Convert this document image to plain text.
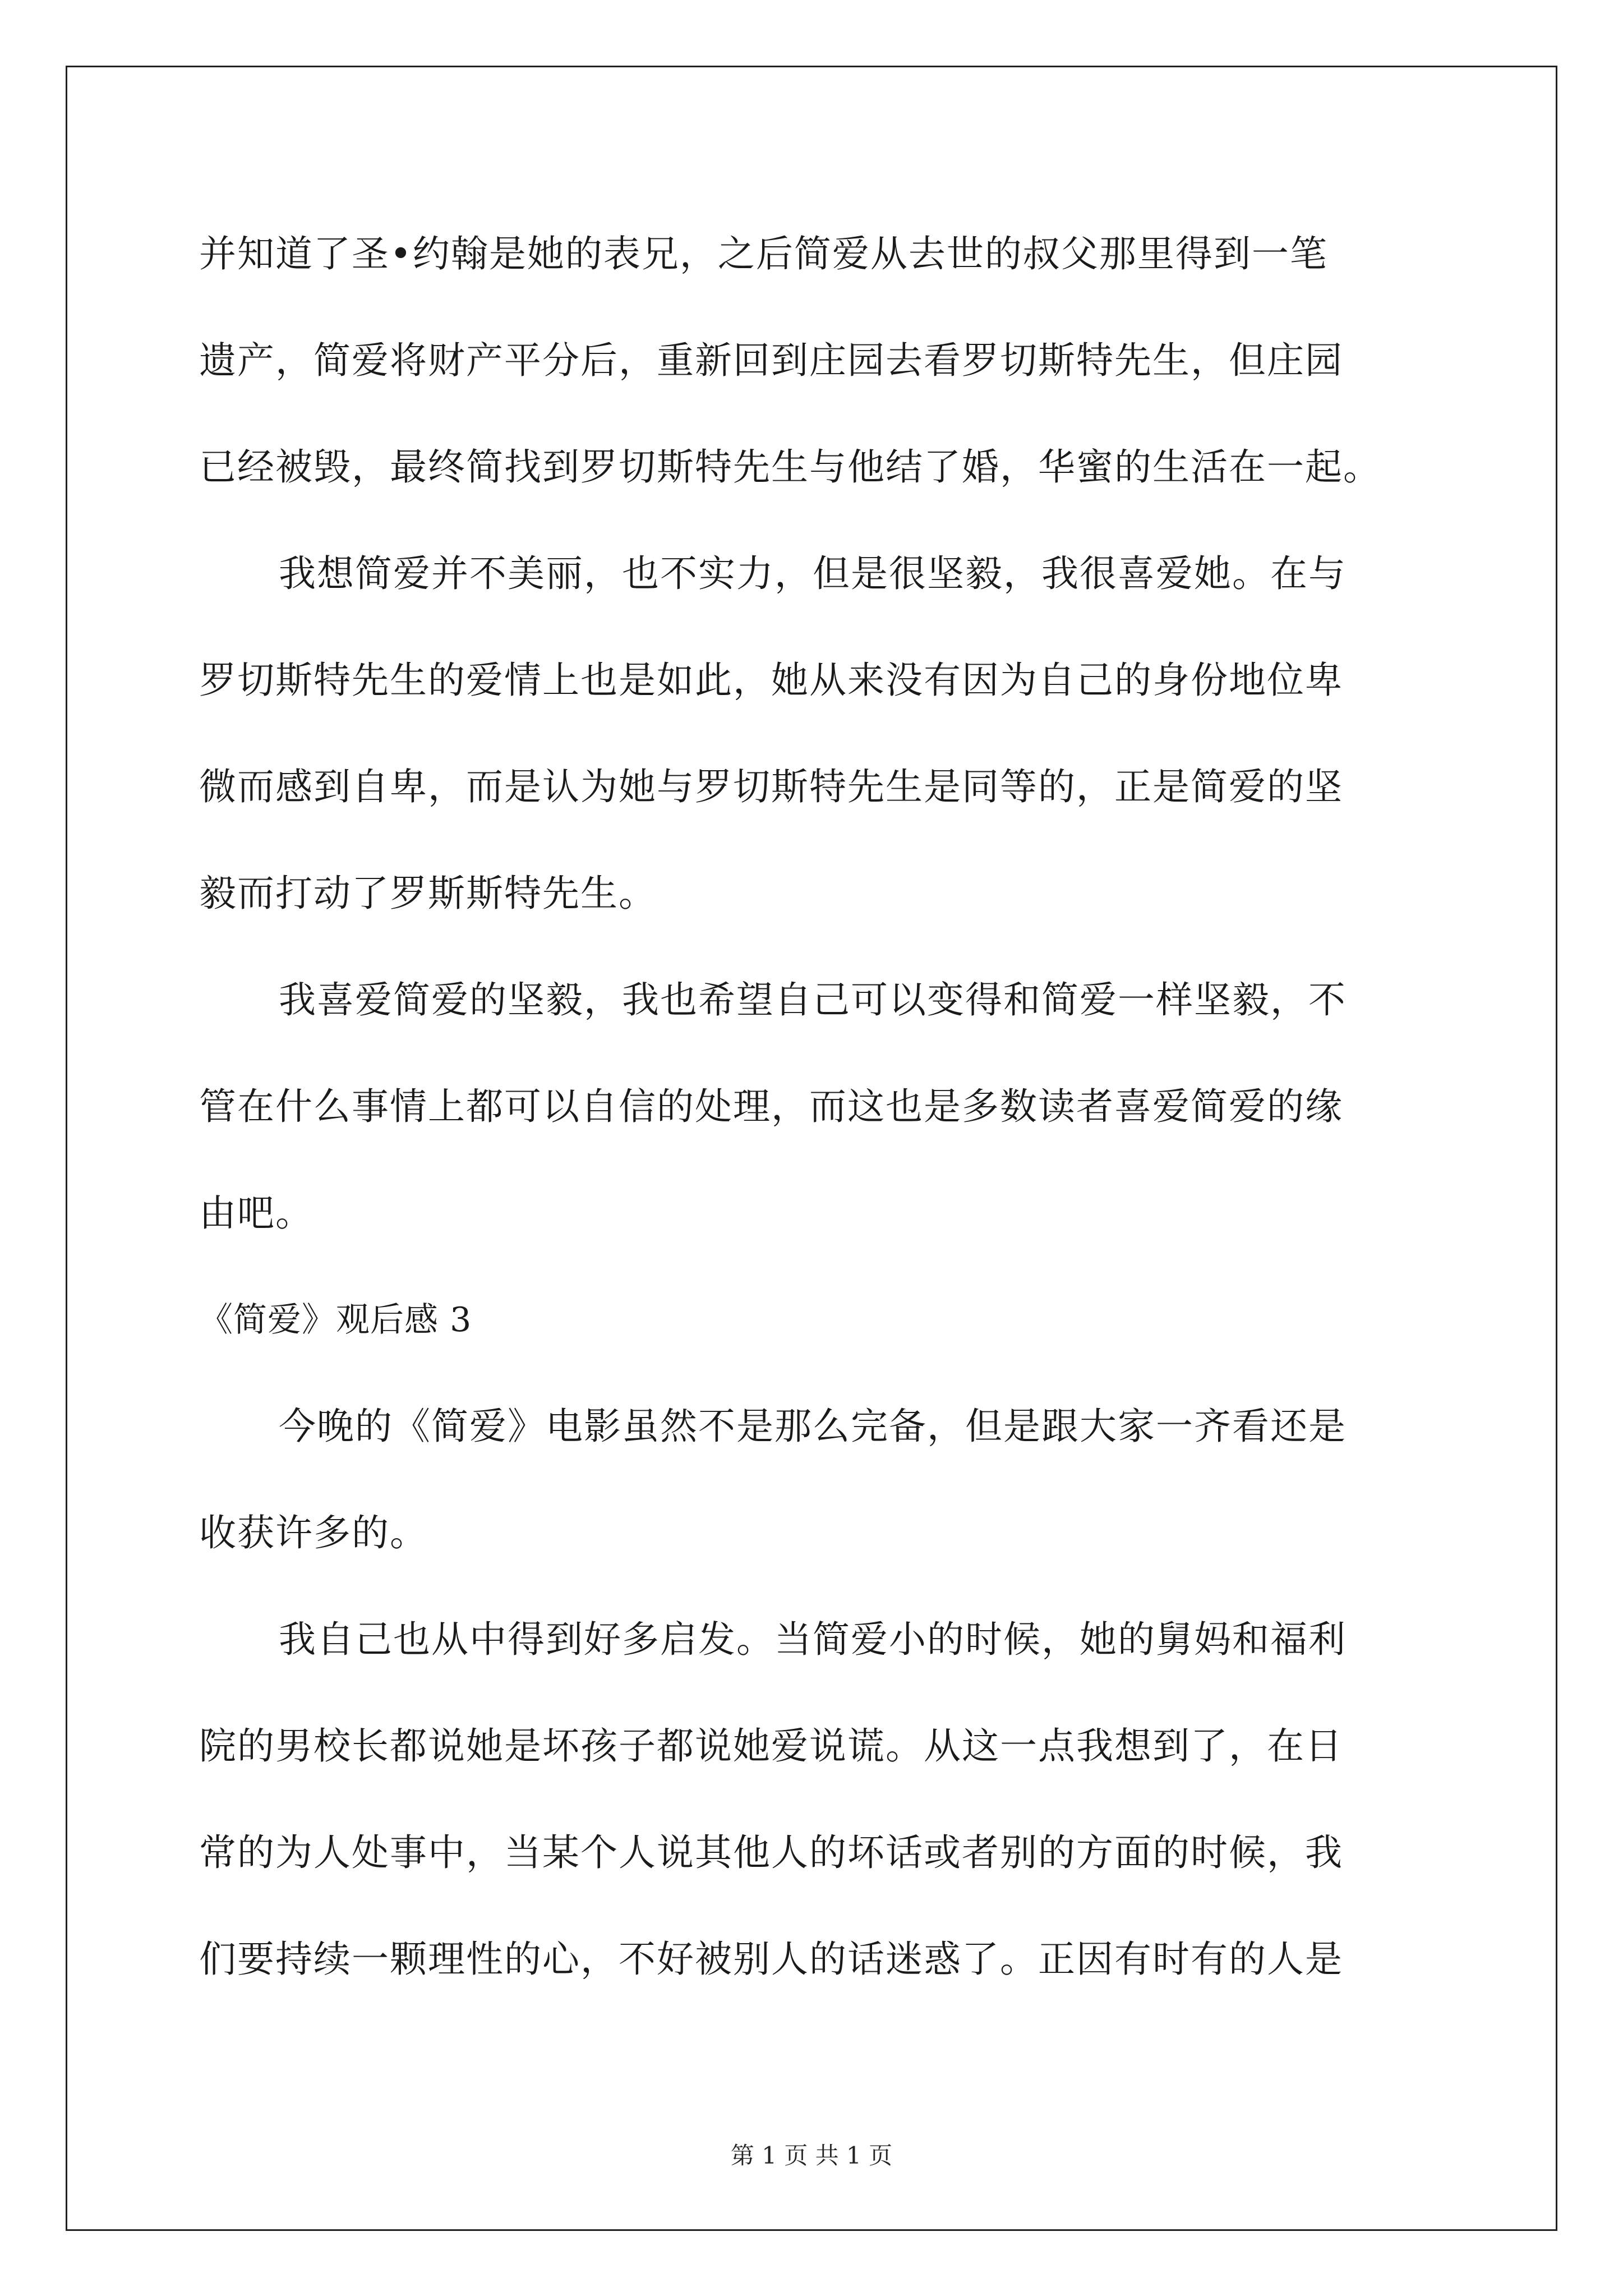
并知道了圣•约翰是她的表兄，之后简爱从去世的叔父那里得到一笔
遗产，简爱将财产平分后，重新回到庄园去看罗切斯特先生，但庄园
已经被毁，最终简找到罗切斯特先生与他结了婚，华蜜的生活在一起。
我想简爱并不美丽，也不实力，但是很坚毅，我很喜爱她。在与
罗切斯特先生的爱情上也是如此，她从来没有因为自己的身份地位卑
微而感到自卑，而是认为她与罗切斯特先生是同等的，正是简爱的坚
毅而打动了罗斯斯特先生。
我喜爱简爱的坚毅，我也希望自己可以变得和简爱一样坚毅，不
管在什么事情上都可以自信的处理，而这也是多数读者喜爱简爱的缘
由吧。
《简爱》观后感 3
今晚的《简爱》电影虽然不是那么完备，但是跟大家一齐看还是
收获许多的。
我自己也从中得到好多启发。当简爱小的时候，她的舅妈和福利
院的男校长都说她是坏孩子都说她爱说谎。从这一点我想到了，在日
常的为人处事中，当某个人说其他人的坏话或者别的方面的时候，我
们要持续一颗理性的心，不好被别人的话迷惑了。正因有时有的人是
第 1 页 共 1 页
